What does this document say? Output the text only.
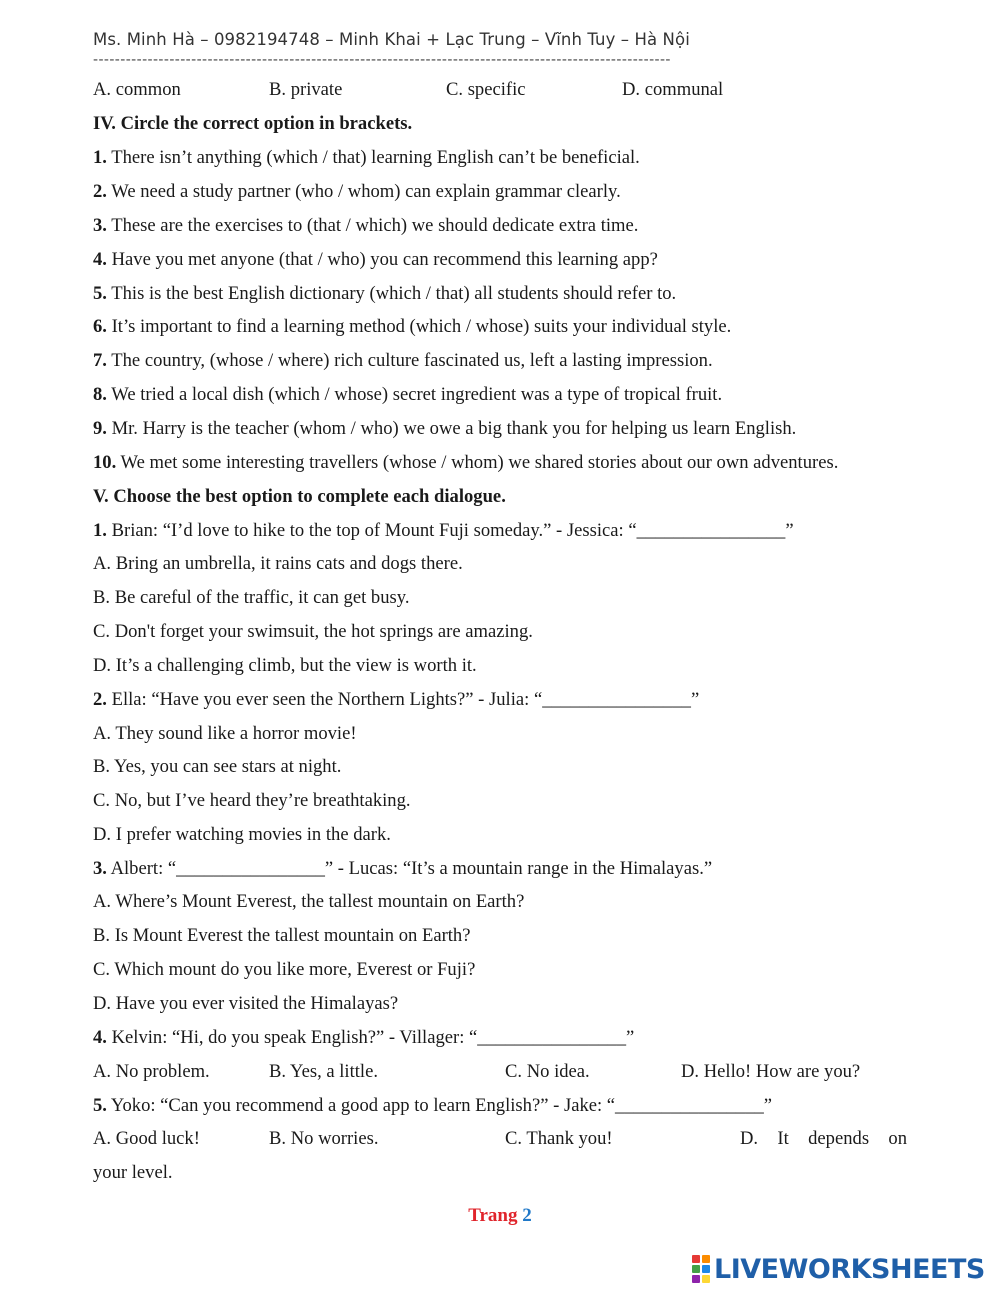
Ms. Minh Hà – 0982194748 – Minh Khai + Lạc Trung – Vĩnh Tuy – Hà Nội
----------------------------------------------------------------------------------------------------------
A. common	B. private	C. specific	D. communal
IV. Circle the correct option in brackets.
1. There isn’t anything (which / that) learning English can’t be beneficial.
2. We need a study partner (who / whom) can explain grammar clearly.
3. These are the exercises to (that / which) we should dedicate extra time.
4. Have you met anyone (that / who) you can recommend this learning app?
5. This is the best English dictionary (which / that) all students should refer to.
6. It’s important to find a learning method (which / whose) suits your individual style.
7. The country, (whose / where) rich culture fascinated us, left a lasting impression.
8. We tried a local dish (which / whose) secret ingredient was a type of tropical fruit.
9. Mr. Harry is the teacher (whom / who) we owe a big thank you for helping us learn English.
10. We met some interesting travellers (whose / whom) we shared stories about our own adventures.
V. Choose the best option to complete each dialogue.
1. Brian: “I’d love to hike to the top of Mount Fuji someday.” - Jessica: “________________”
A. Bring an umbrella, it rains cats and dogs there.
B. Be careful of the traffic, it can get busy.
C. Don't forget your swimsuit, the hot springs are amazing.
D. It’s a challenging climb, but the view is worth it.
2. Ella: “Have you ever seen the Northern Lights?” - Julia: “________________”
A. They sound like a horror movie!
B. Yes, you can see stars at night.
C. No, but I’ve heard they’re breathtaking.
D. I prefer watching movies in the dark.
3. Albert: “________________” - Lucas: “It’s a mountain range in the Himalayas.”
A. Where’s Mount Everest, the tallest mountain on Earth?
B. Is Mount Everest the tallest mountain on Earth?
C. Which mount do you like more, Everest or Fuji?
D. Have you ever visited the Himalayas?
4. Kelvin: “Hi, do you speak English?” - Villager: “________________”
A. No problem.	B. Yes, a little.	C. No idea.	D. Hello! How are you?
5. Yoko: “Can you recommend a good app to learn English?” - Jake: “________________”
A. Good luck!	B. No worries.	C. Thank you!	D. It depends on
your level.
Trang 2
LIVEWORKSHEETS
